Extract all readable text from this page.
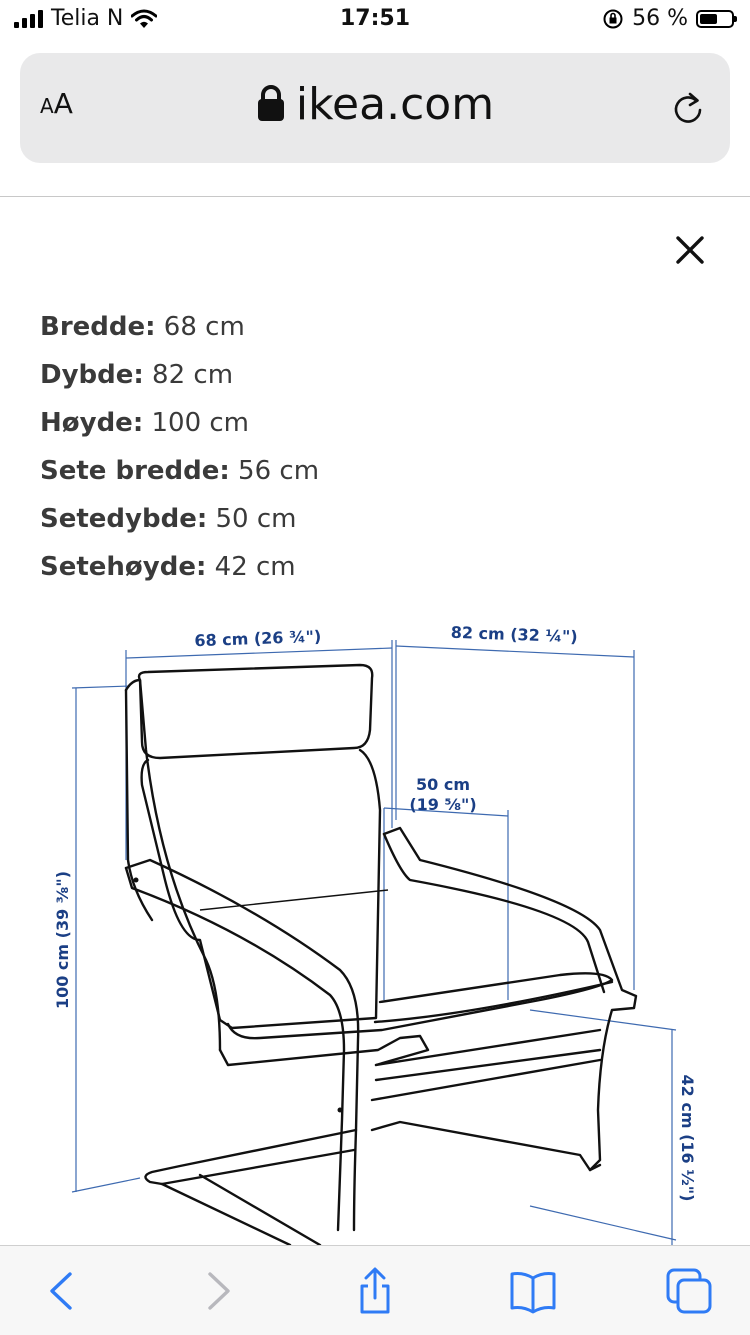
Telia N	17:51	56 %
AA	ikea.com
Bredde: 68 cm
Dybde: 82 cm
Høyde: 100 cm
Sete bredde: 56 cm
Setedybde: 50 cm
Setehøyde: 42 cm
68 cm (26 ¾")	82 cm (32 ¼")
50 cm
(19 ⅝")
100 cm (39 ⅜")
42 cm (16 ½")
